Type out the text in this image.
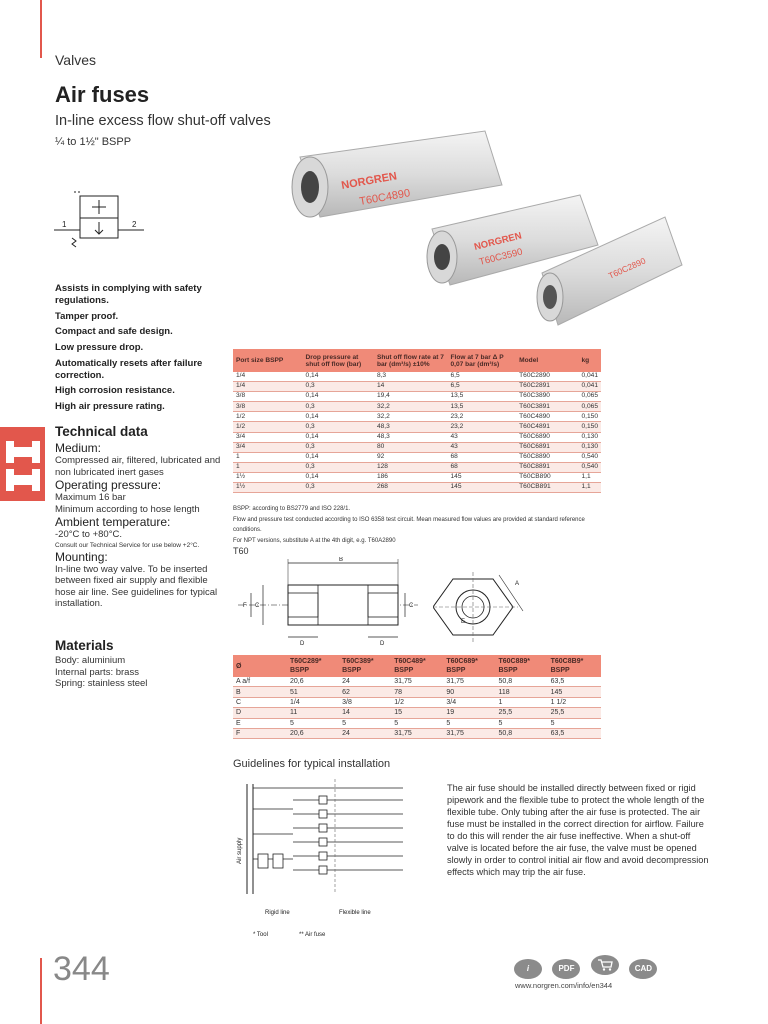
Valves
Air fuses
In-line excess flow shut-off valves
¼ to 1½" BSPP
1	2
Assists in complying with safety regulations.
Tamper proof.
Compact and safe design.
Low pressure drop.
Automatically resets after failure correction.
High corrosion resistance.
High air pressure rating.
Technical data
Medium:

Compressed air, filtered, lubricated and non lubricated inert gases

Operating pressure:

Maximum 16 bar

Minimum according to hose length

Ambient temperature:

-20°C to +80°C.

Consult our Technical Service for use below +2°C.

Mounting:

In-line two way valve. To be inserted between fixed air supply and flexible hose air line. See guidelines for typical installation.

Materials

Body: aluminium

Internal parts: brass

Spring: stainless steel

NORGREN
T60C4890
NORGREN
T60C3590	T60C2890
Port size BSPP	Drop pressure at shut off flow (bar)	Shut off flow rate at 7 bar (dm³/s) ±10%	Flow at 7 bar Δ P 0,07 bar (dm³/s)	Model	kg
1/4	0,14	8,3	6,5	T60C2890	0,041
1/4	0,3	14	6,5	T60C2891	0,041
3/8	0,14	19,4	13,5	T60C3890	0,065
3/8	0,3	32,2	13,5	T60C3891	0,065
1/2	0,14	32,2	23,2	T60C4890	0,150
1/2	0,3	48,3	23,2	T60C4891	0,150
3/4	0,14	48,3	43	T60C6890	0,130
3/4	0,3	80	43	T60C6891	0,130
1	0,14	92	68	T60C8890	0,540
1	0,3	128	68	T60C8891	0,540
1½	0,14	186	145	T60CB890	1,1
1½	0,3	268	145	T60CB891	1,1
BSPP: according to BS2779 and ISO 228/1.
Flow and pressure test conducted according to ISO 6358 test circuit. Mean measured flow values are provided at standard reference conditions.
For NPT versions, substitute A at the 4th digit, e.g. T60A2890
T60
B
D	D
F C	C
A
E
Ø	T60C289* BSPP	T60C389* BSPP	T60C489* BSPP	T60C689* BSPP	T60C889* BSPP	T60C8B9* BSPP
A a/f	20,6	24	31,75	31,75	50,8	63,5
B	51	62	78	90	118	145
C	1/4	3/8	1/2	3/4	1	1 1/2
D	11	14	15	19	25,5	25,5
E	5	5	5	5	5	5
F	20,6	24	31,75	31,75	50,8	63,5
Guidelines for typical installation
Air supply
Rigid line	Flexible line
* Tool	** Air fuse

The air fuse should be installed directly between fixed or rigid pipework and the flexible tube to protect the whole length of the flexible tube. Only tubing after the air fuse is protected. The air fuse must be installed in the correct direction for airflow. Failure to do this will render the air fuse ineffective. When a shut-off valve is located before the air fuse, the valve must be opened slowly in order to control initial air flow and avoid decompression effects which may trip the air fuse.

344	i	PDF	CAD
www.norgren.com/info/en344
